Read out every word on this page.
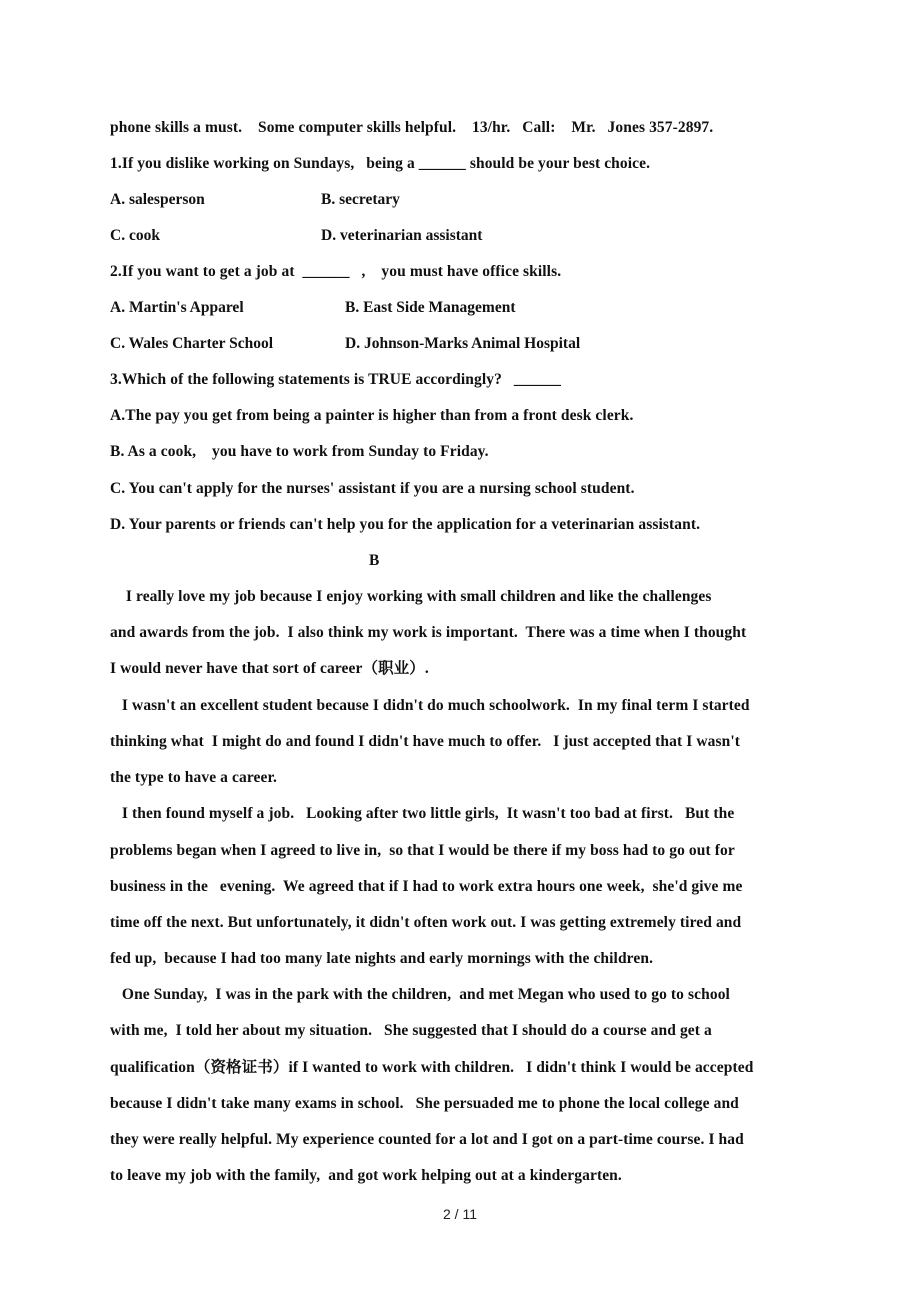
phone skills a must.    Some computer skills helpful.    13/hr.   Call:    Mr.   Jones 357-2897.
1.If you dislike working on Sundays,   being a ______ should be your best choice.
A. salesperson	B. secretary
C. cook	D. veterinarian assistant
2.If you want to get a job at  ______   ,    you must have office skills.
A. Martin's Apparel	B. East Side Management
C. Wales Charter School	D. Johnson-Marks Animal Hospital
3.Which of the following statements is TRUE accordingly?   ______
A.The pay you get from being a painter is higher than from a front desk clerk.
B. As a cook,    you have to work from Sunday to Friday.
C. You can't apply for the nurses' assistant if you are a nursing school student.
D. Your parents or friends can't help you for the application for a veterinarian assistant.
B
I really love my job because I enjoy working with small children and like the challenges
and awards from the job.  I also think my work is important.  There was a time when I thought
I would never have that sort of career（职业）.
I wasn't an excellent student because I didn't do much schoolwork.  In my final term I started
thinking what  I might do and found I didn't have much to offer.   I just accepted that I wasn't
the type to have a career.
I then found myself a job.   Looking after two little girls,  It wasn't too bad at first.   But the
problems began when I agreed to live in,  so that I would be there if my boss had to go out for
business in the   evening.  We agreed that if I had to work extra hours one week,  she'd give me
time off the next. But unfortunately, it didn't often work out. I was getting extremely tired and
fed up,  because I had too many late nights and early mornings with the children.
One Sunday,  I was in the park with the children,  and met Megan who used to go to school
with me,  I told her about my situation.   She suggested that I should do a course and get a
qualification（资格证书）if I wanted to work with children.   I didn't think I would be accepted
because I didn't take many exams in school.   She persuaded me to phone the local college and
they were really helpful. My experience counted for a lot and I got on a part-time course. I had
to leave my job with the family,  and got work helping out at a kindergarten.
2 / 11
